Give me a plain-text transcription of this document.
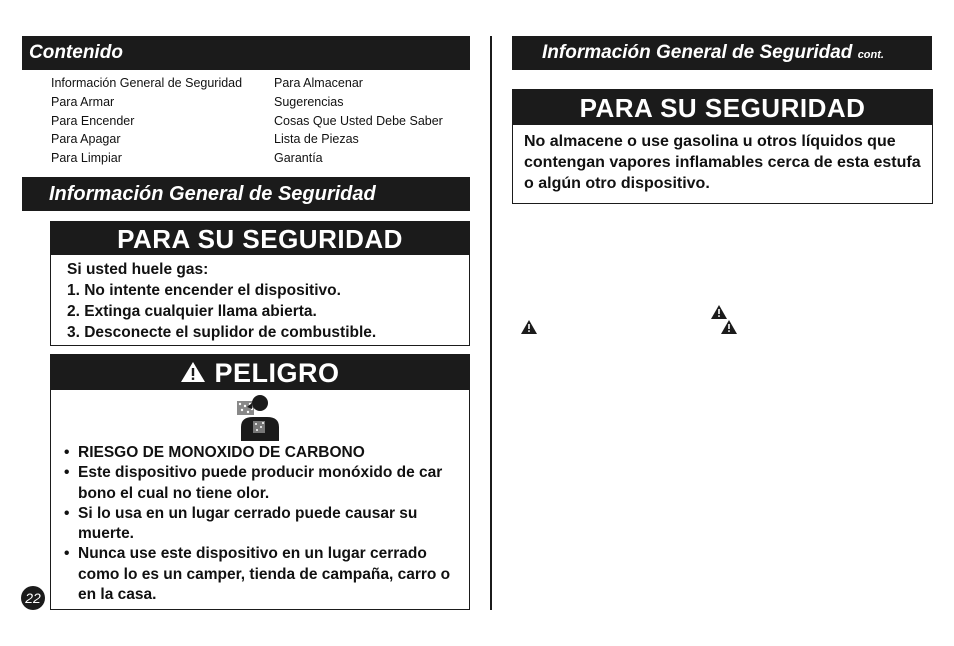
Contenido
Información General de Seguridad
Para Armar
Para Encender
Para Apagar
Para Limpiar
Para Almacenar
Sugerencias
Cosas Que Usted Debe Saber
Lista de Piezas
Garantía
Información General de Seguridad
PARA SU SEGURIDAD
Si usted huele gas:
1. No intente encender el dispositivo.
2. Extinga cualquier llama abierta.
3. Desconecte el suplidor de combustible.
PELIGRO
• RIESGO DE MONOXIDO DE CARBONO
• Este dispositivo puede producir monóxido de car bono el cual no tiene olor.
• Si lo usa en un lugar cerrado puede causar su muerte.
• Nunca use este dispositivo en un lugar cerrado como lo es un camper, tienda de campaña, carro o en la casa.
22
Información General de Seguridad cont.
PARA SU SEGURIDAD
No almacene o use gasolina u otros líquidos que contengan vapores inflamables cerca de esta estufa o algún otro dispositivo.
